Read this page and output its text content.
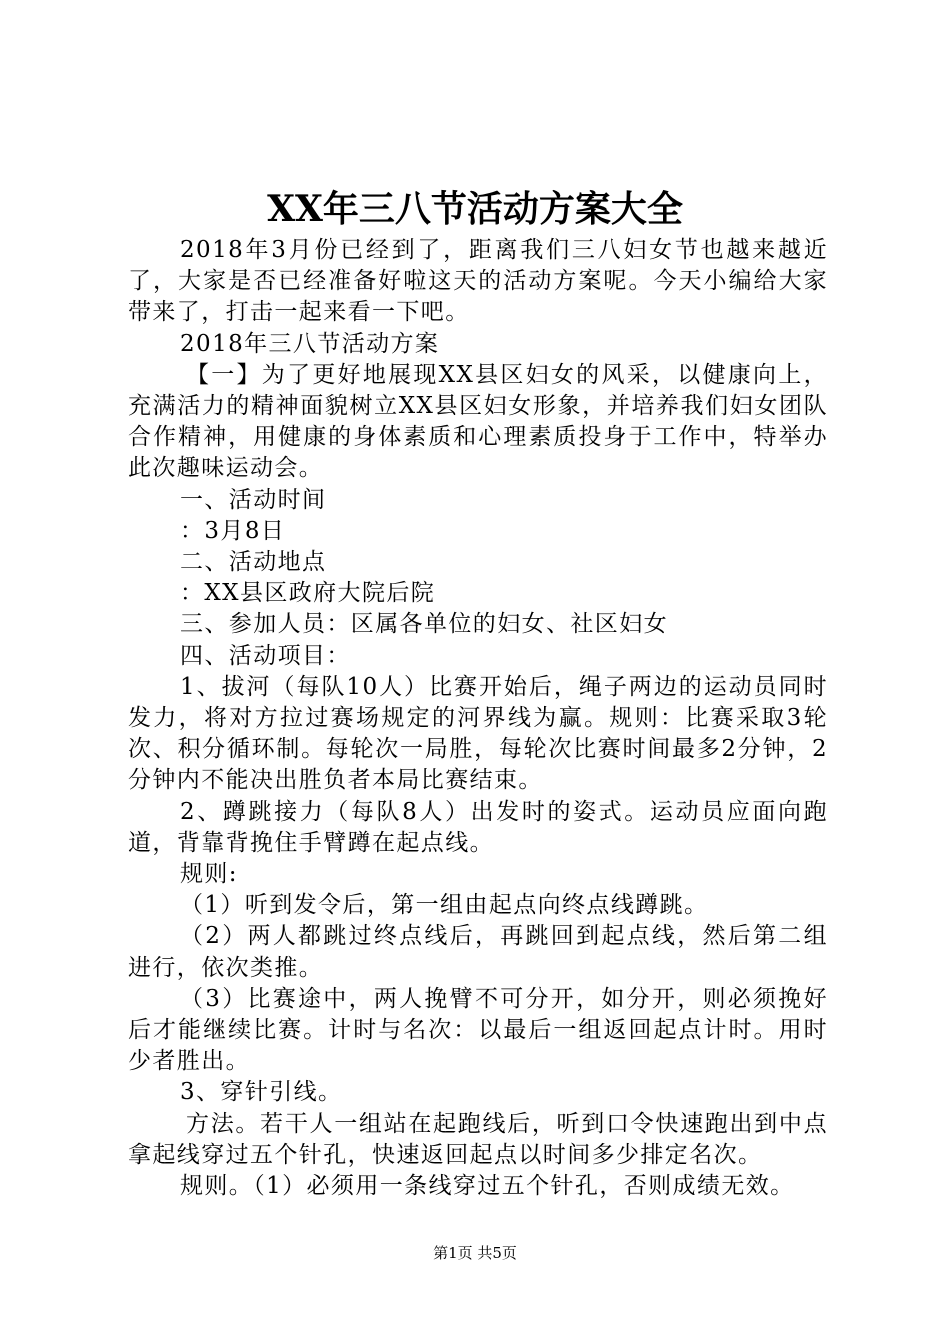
XX年三八节活动方案大全

2018年3月份已经到了，距离我们三八妇女节也越来越近了，大家是否已经准备好啦这天的活动方案呢。今天小编给大家带来了，打击一起来看一下吧。

2018年三八节活动方案

【一】为了更好地展现XX县区妇女的风采，以健康向上，充满活力的精神面貌树立XX县区妇女形象，并培养我们妇女团队合作精神，用健康的身体素质和心理素质投身于工作中，特举办此次趣味运动会。

一、活动时间

：3月8日

二、活动地点

：XX县区政府大院后院

三、参加人员：区属各单位的妇女、社区妇女

四、活动项目：

1、拔河（每队10人）比赛开始后，绳子两边的运动员同时发力，将对方拉过赛场规定的河界线为赢。规则：比赛采取3轮次、积分循环制。每轮次一局胜，每轮次比赛时间最多2分钟，2分钟内不能决出胜负者本局比赛结束。

2、蹲跳接力（每队8人）出发时的姿式。运动员应面向跑道，背靠背挽住手臂蹲在起点线。

规则:

（1）听到发令后，第一组由起点向终点线蹲跳。

（2）两人都跳过终点线后，再跳回到起点线，然后第二组进行，依次类推。

（3）比赛途中，两人挽臂不可分开，如分开，则必须挽好后才能继续比赛。计时与名次：以最后一组返回起点计时。用时少者胜出。

3、穿针引线。

方法。若干人一组站在起跑线后，听到口令快速跑出到中点拿起线穿过五个针孔，快速返回起点以时间多少排定名次。

规则。（1）必须用一条线穿过五个针孔，否则成绩无效。

第1页 共5页
